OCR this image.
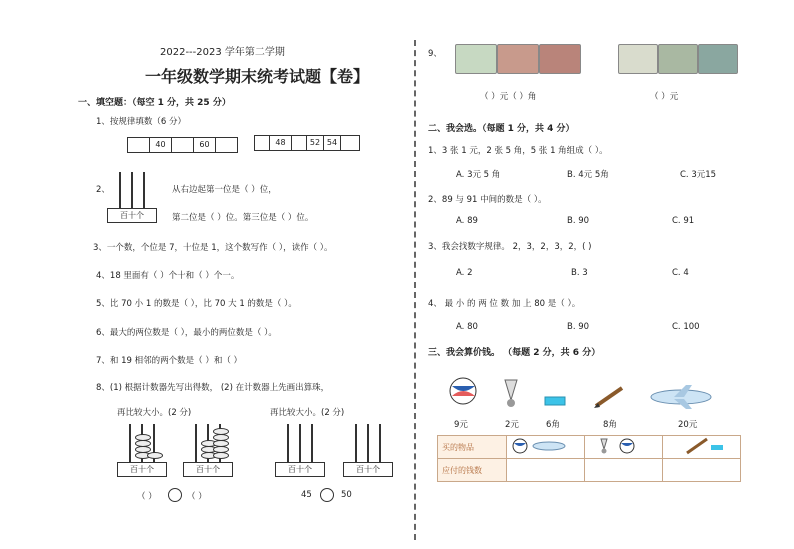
2022---2023 学年第二学期
一年级数学期末统考试题【卷】
一、填空题：（每空 1 分，共 25 分）
1、按规律填数（6 分）
40	60	48	52 54
2、
百十个
从右边起第一位是（ ）位，
第二位是（ ）位。第三位是（ ）位。
3、一个数，个位是 7，十位是 1，这个数写作（ ），读作（ ）。
4、18 里面有（ ）个十和（ ）个一。
5、比 70 小 1 的数是（ ），比 70 大 1 的数是（ ）。
6、最大的两位数是（ ），最小的两位数是（ ）。
7、和 19 相邻的两个数是（ ）和（ ）
8、(1) 根据计数器先写出得数， (2) 在计数器上先画出算珠，
再比较大小。(2 分)	再比较大小。(2 分)
百十个	百十个	百十个	百十个
（ ）	（ ）	45	50
9、
（ ）元（ ）角	（ ）元
二、我会选。（每题 1 分，共 4 分）
1、3 张 1 元，2 张 5 角，5 张 1 角组成（ ）。
A. 3元 5 角	B. 4元 5角	C. 3元15
2、89 与 91 中间的数是（ ）。
A. 89	B. 90	C. 91
3、我会找数字规律。 2，3，2，3，2，( )
A. 2	B. 3	C. 4
4、 最 小 的 两 位 数 加 上 80 是（ ）。
A. 80	B. 90	C. 100
三、我会算价钱。 （每题 2 分，共 6 分）
9元	2元	6角	8角	20元
买的物品			
应付的钱数			
